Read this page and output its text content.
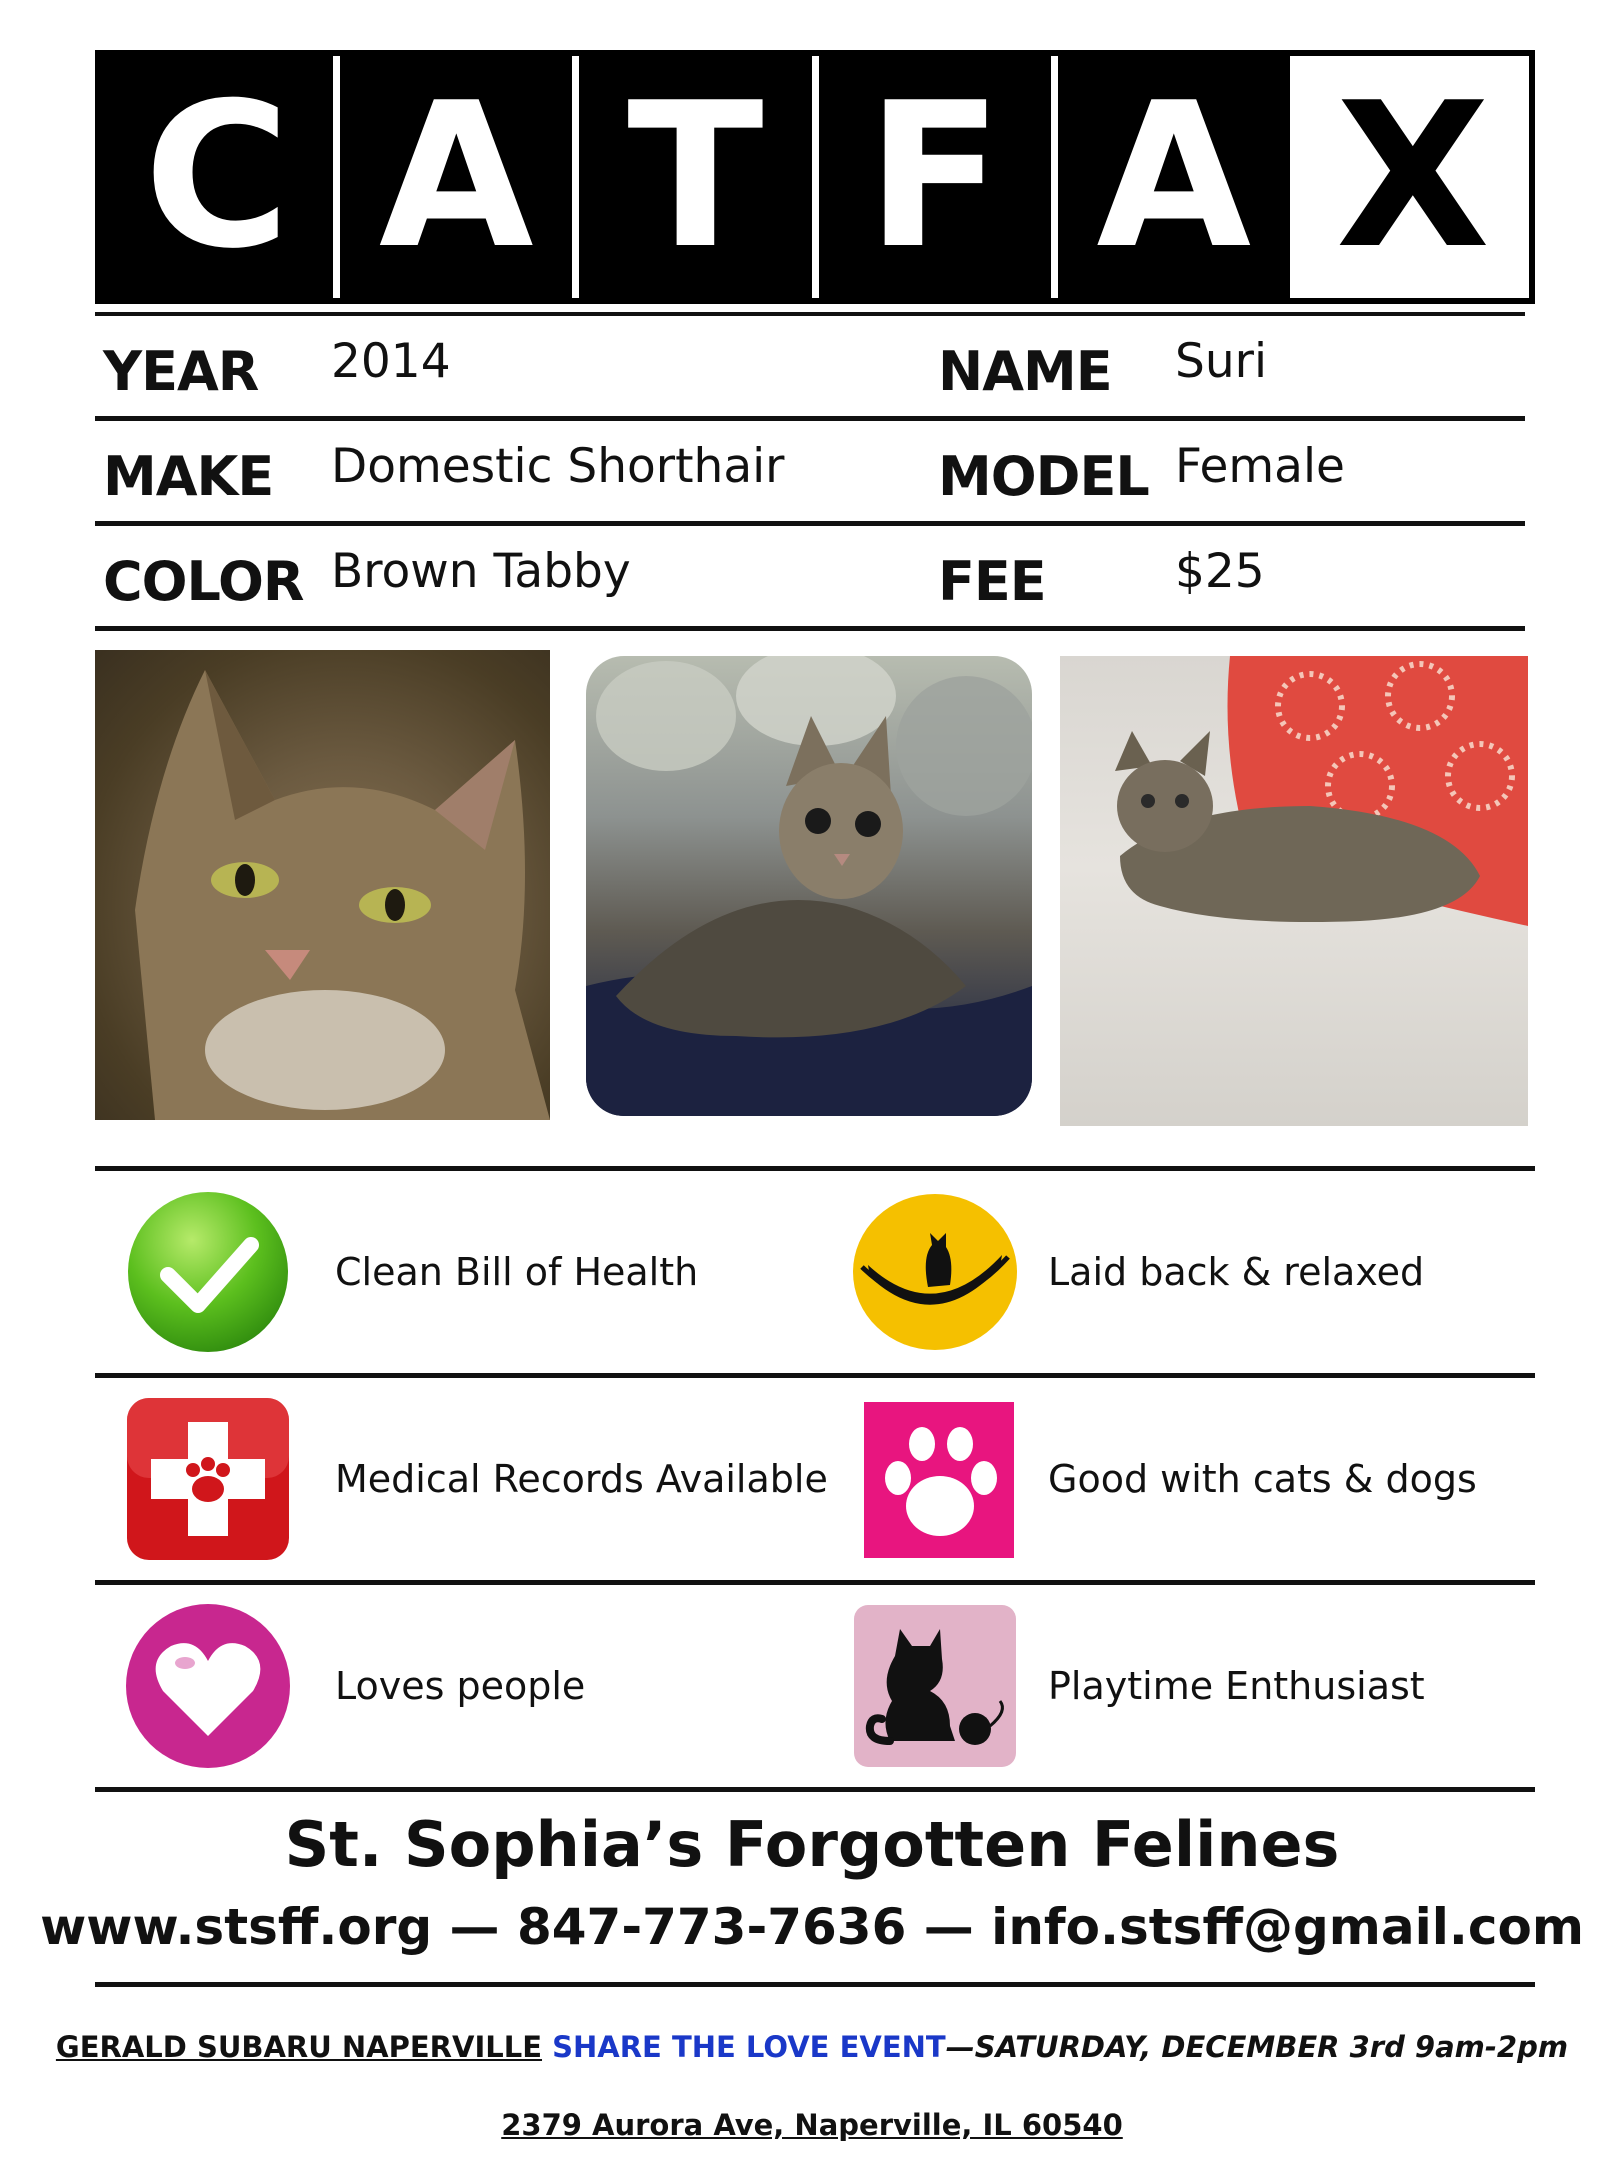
C A T F A X
YEAR 2014	NAME Suri
MAKE Domestic Shorthair	MODEL Female
COLOR Brown Tabby	FEE	$25
Clean Bill of Health	Laid back & relaxed
Medical Records Available	Good with cats & dogs
Loves people	Playtime Enthusiast
St. Sophia’s Forgotten Felines
www.stsff.org — 847-773-7636 — info.stsff@gmail.com
GERALD SUBARU NAPERVILLE SHARE THE LOVE EVENT—SATURDAY, DECEMBER 3rd 9am-2pm
2379 Aurora Ave, Naperville, IL 60540
